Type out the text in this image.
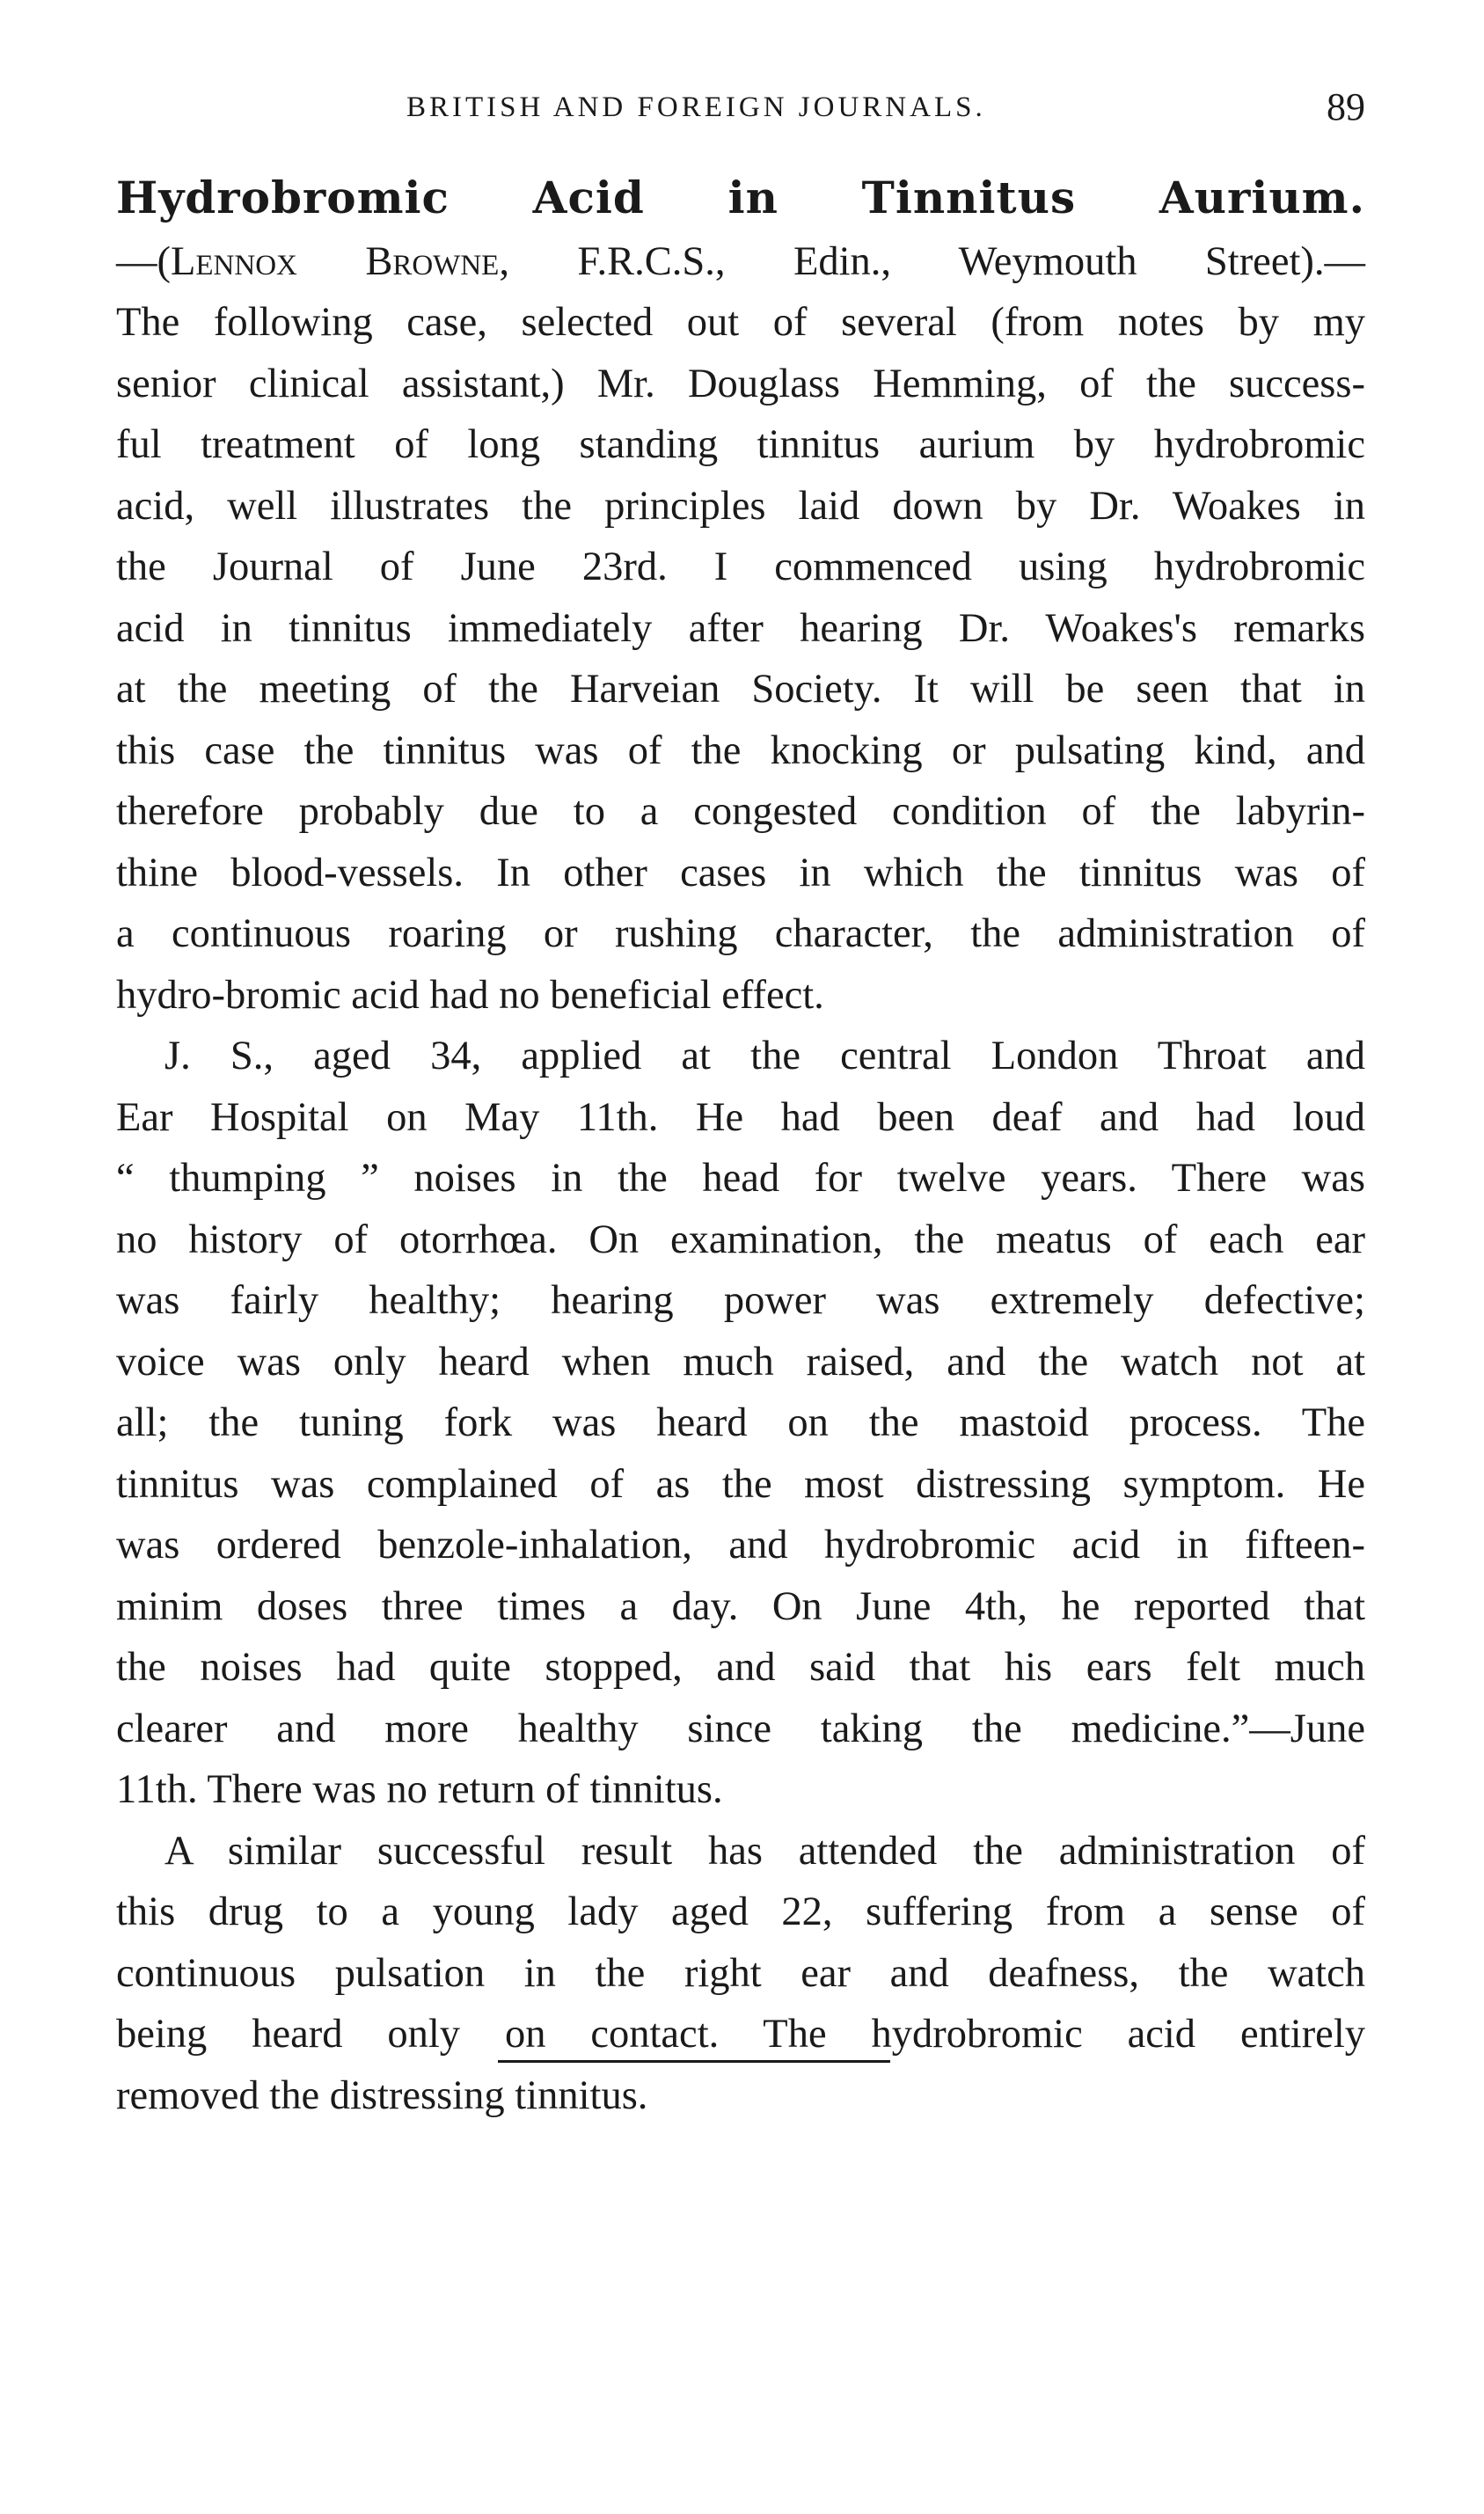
BRITISH AND FOREIGN JOURNALS.	89
Hydrobromic Acid in Tinnitus Aurium.
—(Lennox Browne, F.R.C.S., Edin., Weymouth Street).—
The following case, selected out of several (from notes by my
senior clinical assistant,) Mr. Douglass Hemming, of the success-
ful treatment of long standing tinnitus aurium by hydrobromic
acid, well illustrates the principles laid down by Dr. Woakes in
the Journal of June 23rd. I commenced using hydrobromic
acid in tinnitus immediately after hearing Dr. Woakes's remarks
at the meeting of the Harveian Society. It will be seen that in
this case the tinnitus was of the knocking or pulsating kind, and
therefore probably due to a congested condition of the labyrin-
thine blood-vessels. In other cases in which the tinnitus was of
a continuous roaring or rushing character, the administration of
hydro-bromic acid had no beneficial effect.
J. S., aged 34, applied at the central London Throat and
Ear Hospital on May 11th. He had been deaf and had loud
“ thumping ” noises in the head for twelve years. There was
no history of otorrhœa. On examination, the meatus of each ear
was fairly healthy; hearing power was extremely defective;
voice was only heard when much raised, and the watch not at
all; the tuning fork was heard on the mastoid process. The
tinnitus was complained of as the most distressing symptom. He
was ordered benzole-inhalation, and hydrobromic acid in fifteen-
minim doses three times a day. On June 4th, he reported that
the noises had quite stopped, and said that his ears felt much
clearer and more healthy since taking the medicine.”—June
11th. There was no return of tinnitus.
A similar successful result has attended the administration of
this drug to a young lady aged 22, suffering from a sense of
continuous pulsation in the right ear and deafness, the watch
being heard only on contact. The hydrobromic acid entirely
removed the distressing tinnitus.
